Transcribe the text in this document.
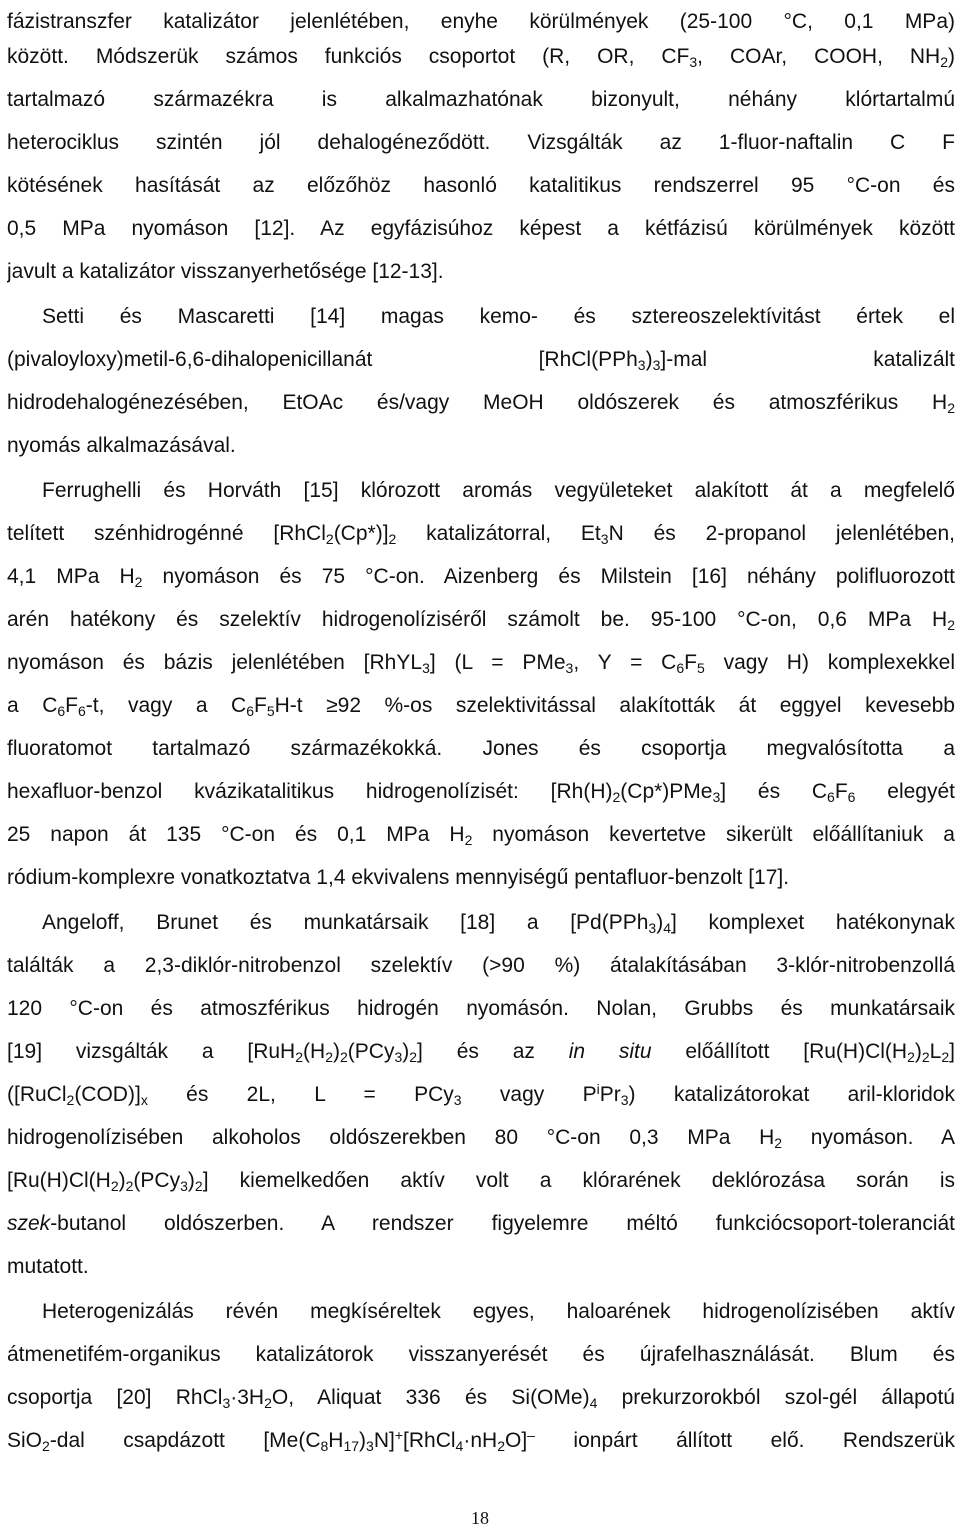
fázistranszfer katalizátor jelenlétében, enyhe körülmények (25-100 °C, 0,1 MPa)
között. Módszerük számos funkciós csoportot (R, OR, $CF_3$, COAr, COOH, $NH_2$)
tartalmazó származékra is alkalmazhatónak bizonyult, néhány klórtartalmú
heterociklus szintén jól dehalogéneződött. Vizsgálták az 1-fluor-naftalin C F
kötésének hasítását az előzőhöz hasonló katalitikus rendszerrel 95 °C-on és
0,5 MPa nyomáson [12]. Az egyfázisúhoz képest a kétfázisú körülmények között
javult a katalizátor visszanyerhetősége [12-13].
Setti és Mascaretti [14] magas kemo- és sztereoszelektívitást értek el
(pivaloyloxy)metil-6,6-dihalopenicillanát $[RhCl(PPh_3)_3]$-mal katalizált
hidrodehalogénezésében, EtOAc és/vagy MeOH oldószerek és atmoszférikus $H_2$
nyomás alkalmazásával.
Ferrughelli és Horváth [15] klórozott aromás vegyületeket alakított át a megfelelő
telített szénhidrogénné $[RhCl_2(Cp*)]_2$ katalizátorral, $Et_3N$ és 2-propanol jelenlétében,
4,1 MPa $H_2$ nyomáson és 75 °C-on. Aizenberg és Milstein [16] néhány polifluorozott
arén hatékony és szelektív hidrogenolíziséről számolt be. 95-100 °C-on, 0,6 MPa $H_2$
nyomáson és bázis jelenlétében [RhYL$_3$] (L = PMe$_3$, $Y = C_6F_5$ vagy H) komplexekkel
a $C_6F_6-t$, vagy a $C_6F_5H-t \ge 92$ %-os szelektivitással alakították át eggyel kevesebb
fluoratomot tartalmazó származékokká. Jones és csoportja megvalósította a
hexafluor-benzol kvázikatalitikus hidrogenolízisét: $[Rh(H)_2(Cp*)PMe_3]$ és $C_6F_6$ elegyét
25 napon át 135 °C-on és 0,1 MPa $H_2$ nyomáson kevertetve sikerült előállítaniuk a
ródium-komplexre vonatkoztatva 1,4 ekvivalens mennyiségű pentafluor-benzolt [17].
Angeloff, Brunet és munkatársaik [18] a $[Pd(PPh_3)_4]$ komplexet hatékonynak
találták a 2,3-diklór-nitrobenzol szelektív (>90 %) átalakításában 3-klór-nitrobenzollá
120 °C-on és atmoszférikus hidrogén nyomásón. Nolan, Grubbs és munkatársaik
[19] vizsgálták a $[RuH_2(H_2)_2(PCy_3)_2]$ és az in situ előállított $[Ru(H)Cl(H_2)_2L_2]$
($[RuCl_2(COD)]_x$ és 2L, L = PCy$_3$ vagy $P^iPr_3$) katalizátorokat aril-kloridok
hidrogenolízisében alkoholos oldószerekben 80 °C-on 0,3 MPa $H_2$ nyomáson. A
$[Ru(H)Cl(H_2)_2(PCy_3)_2]$ kiemelkedően aktív volt a klórarének deklórozása során is
szek-butanol oldószerben. A rendszer figyelemre méltó funkciócsoport-toleranciát
mutatott.
Heterogenizálás révén megkíséreltek egyes, haloarének hidrogenolízisében aktív
átmenetifém-organikus katalizátorok visszanyerését és újrafelhasználását. Blum és
csoportja [20] $RhCl_3\cdot 3H_2O$, Aliquat 336 és $Si(OMe)_4$ prekurzorokból szol-gél állapotú
SiO$_2$-dal csapdázott $[Me(C_8H_{17})_3N]^+[RhCl_4\cdot nH_2O]^-$ ionpárt állított elő. Rendszerük
18
